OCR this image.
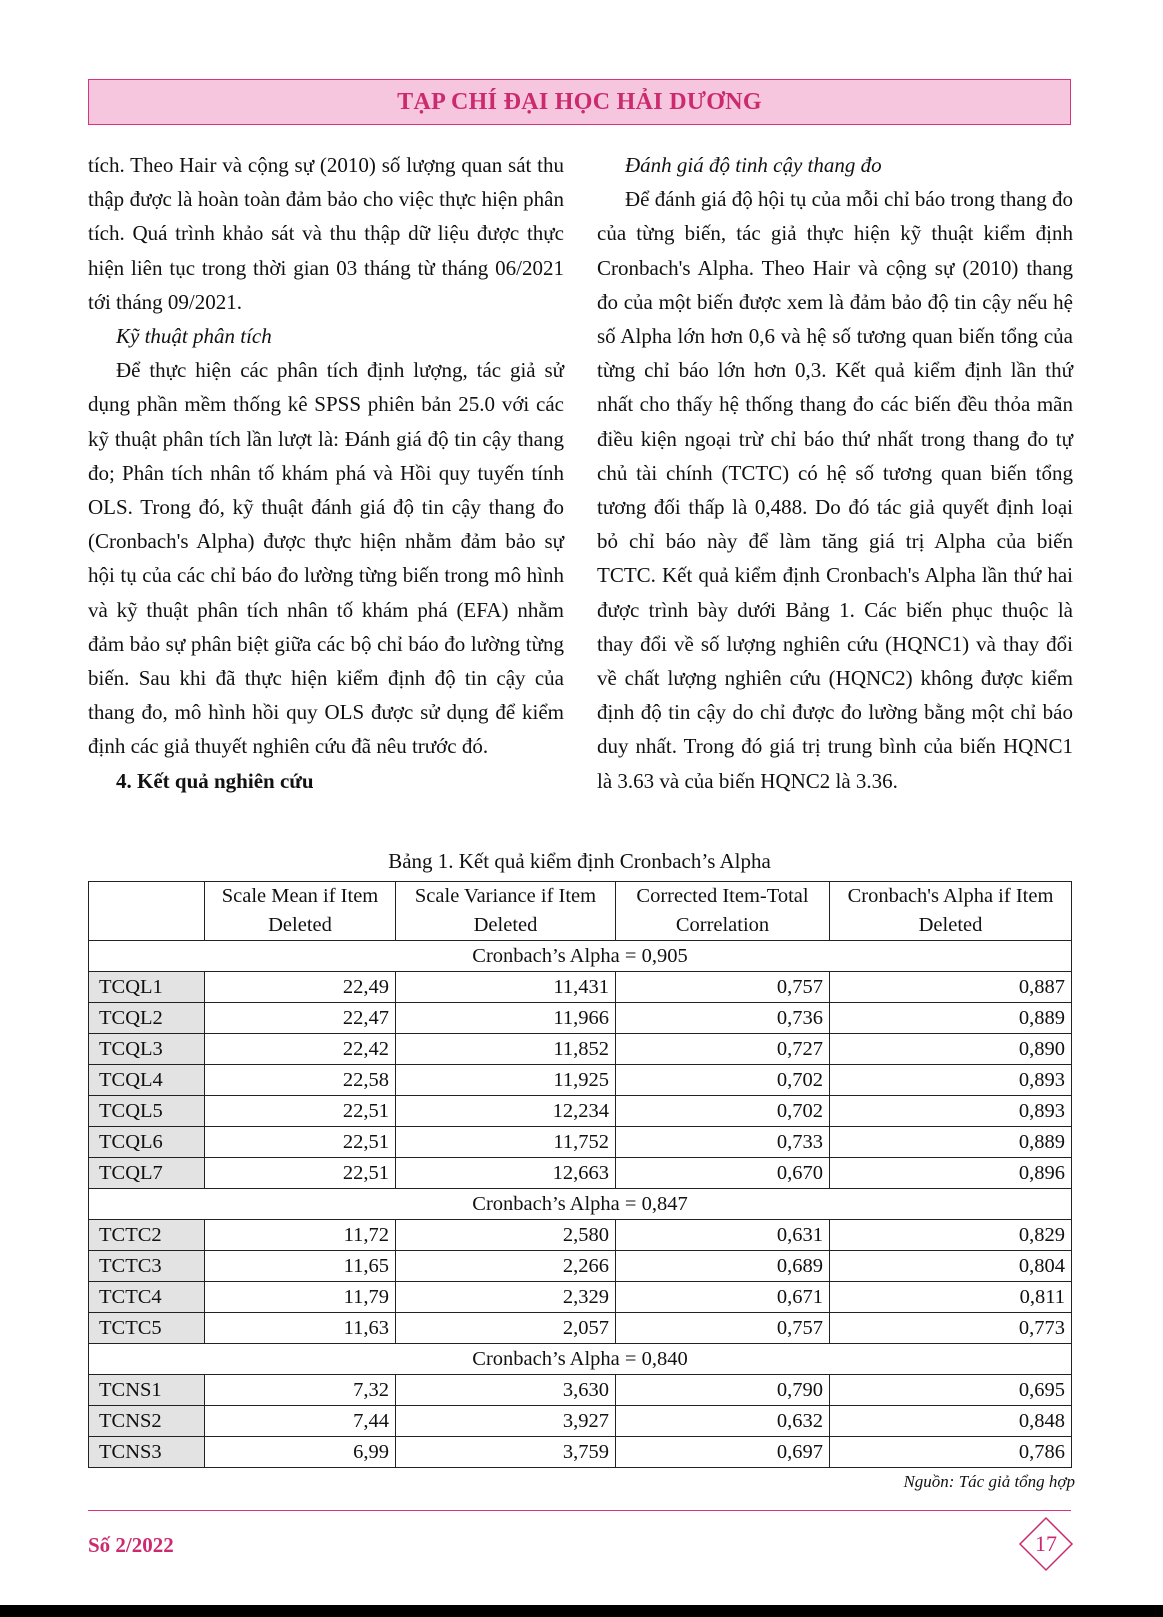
TẠP CHÍ ĐẠI HỌC HẢI DƯƠNG

tích. Theo Hair và cộng sự (2010) số lượng quan sát thu thập được là hoàn toàn đảm bảo cho việc thực hiện phân tích. Quá trình khảo sát và thu thập dữ liệu được thực hiện liên tục trong thời gian 03 tháng từ tháng 06/2021 tới tháng 09/2021.

Kỹ thuật phân tích

Để thực hiện các phân tích định lượng, tác giả sử dụng phần mềm thống kê SPSS phiên bản 25.0 với các kỹ thuật phân tích lần lượt là: Đánh giá độ tin cậy thang đo; Phân tích nhân tố khám phá và Hồi quy tuyến tính OLS. Trong đó, kỹ thuật đánh giá độ tin cậy thang đo (Cronbach's Alpha) được thực hiện nhằm đảm bảo sự hội tụ của các chỉ báo đo lường từng biến trong mô hình và kỹ thuật phân tích nhân tố khám phá (EFA) nhằm đảm bảo sự phân biệt giữa các bộ chỉ báo đo lường từng biến. Sau khi đã thực hiện kiểm định độ tin cậy của thang đo, mô hình hồi quy OLS được sử dụng để kiểm định các giả thuyết nghiên cứu đã nêu trước đó.

4. Kết quả nghiên cứu

Đánh giá độ tinh cậy thang đo

Để đánh giá độ hội tụ của mỗi chỉ báo trong thang đo của từng biến, tác giả thực hiện kỹ thuật kiểm định Cronbach's Alpha. Theo Hair và cộng sự (2010) thang đo của một biến được xem là đảm bảo độ tin cậy nếu hệ số Alpha lớn hơn 0,6 và hệ số tương quan biến tổng của từng chỉ báo lớn hơn 0,3. Kết quả kiểm định lần thứ nhất cho thấy hệ thống thang đo các biến đều thỏa mãn điều kiện ngoại trừ chỉ báo thứ nhất trong thang đo tự chủ tài chính (TCTC) có hệ số tương quan biến tổng tương đối thấp là 0,488. Do đó tác giả quyết định loại bỏ chỉ báo này để làm tăng giá trị Alpha của biến TCTC. Kết quả kiểm định Cronbach's Alpha lần thứ hai được trình bày dưới Bảng 1. Các biến phục thuộc là thay đổi về số lượng nghiên cứu (HQNC1) và thay đổi về chất lượng nghiên cứu (HQNC2) không được kiểm định độ tin cậy do chỉ được đo lường bằng một chỉ báo duy nhất. Trong đó giá trị trung bình của biến HQNC1 là 3.63 và của biến HQNC2 là 3.36.

Bảng 1. Kết quả kiểm định Cronbach’s Alpha
	Scale Mean if Item Deleted	Scale Variance if Item Deleted	Corrected Item-Total Correlation	Cronbach's Alpha if Item Deleted
Cronbach’s Alpha = 0,905				
TCQL1	22,49	11,431	0,757	0,887
TCQL2	22,47	11,966	0,736	0,889
TCQL3	22,42	11,852	0,727	0,890
TCQL4	22,58	11,925	0,702	0,893
TCQL5	22,51	12,234	0,702	0,893
TCQL6	22,51	11,752	0,733	0,889
TCQL7	22,51	12,663	0,670	0,896
Cronbach’s Alpha = 0,847				
TCTC2	11,72	2,580	0,631	0,829
TCTC3	11,65	2,266	0,689	0,804
TCTC4	11,79	2,329	0,671	0,811
TCTC5	11,63	2,057	0,757	0,773
Cronbach’s Alpha = 0,840				
TCNS1	7,32	3,630	0,790	0,695
TCNS2	7,44	3,927	0,632	0,848
TCNS3	6,99	3,759	0,697	0,786
Nguồn: Tác giả tổng hợp
Số 2/2022	17
